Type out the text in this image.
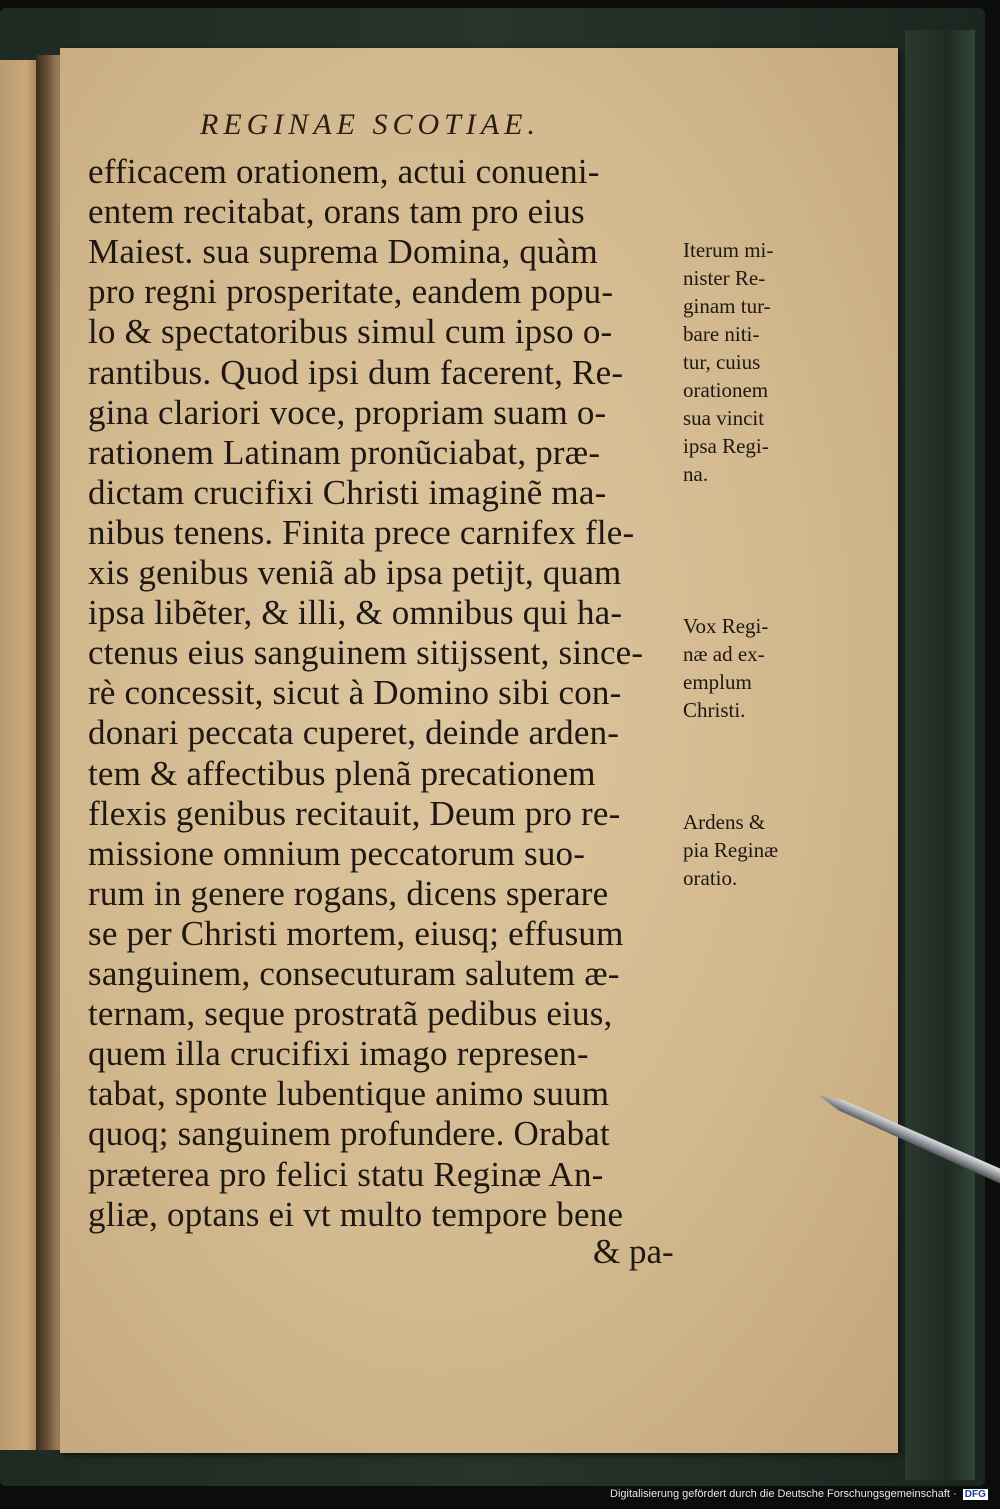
REGINAE SCOTIAE.
efficacem orationem, actui conueni-
entem recitabat, orans tam pro eius
Maiest. sua suprema Domina, quàm
pro regni prosperitate, eandem popu-
lo & spectatoribus simul cum ipso o-
rantibus. Quod ipsi dum facerent, Re-
gina clariori voce, propriam suam o-
rationem Latinam pronũciabat, præ-
dictam crucifixi Christi imaginẽ ma-
nibus tenens. Finita prece carnifex fle-
xis genibus veniã ab ipsa petijt, quam
ipsa libẽter, & illi, & omnibus qui ha-
ctenus eius sanguinem sitijssent, since-
rè concessit, sicut à Domino sibi con-
donari peccata cuperet, deinde arden-
tem & affectibus plenã precationem
flexis genibus recitauit, Deum pro re-
missione omnium peccatorum suo-
rum in genere rogans, dicens sperare
se per Christi mortem, eiusq; effusum
sanguinem, consecuturam salutem æ-
ternam, seque prostratã pedibus eius,
quem illa crucifixi imago represen-
tabat, sponte lubentique animo suum
quoq; sanguinem profundere. Orabat
præterea pro felici statu Reginæ An-
gliæ, optans ei vt multo tempore bene
& pa-
Iterum mi-
nister Re-
ginam tur-
bare niti-
tur, cuius
orationem
sua vincit
ipsa Regi-
na.
Vox Regi-
næ ad ex-
emplum
Christi.
Ardens &
pia Reginæ
oratio.
Digitalisierung gefördert durch die Deutsche Forschungsgemeinschaft · DFG
